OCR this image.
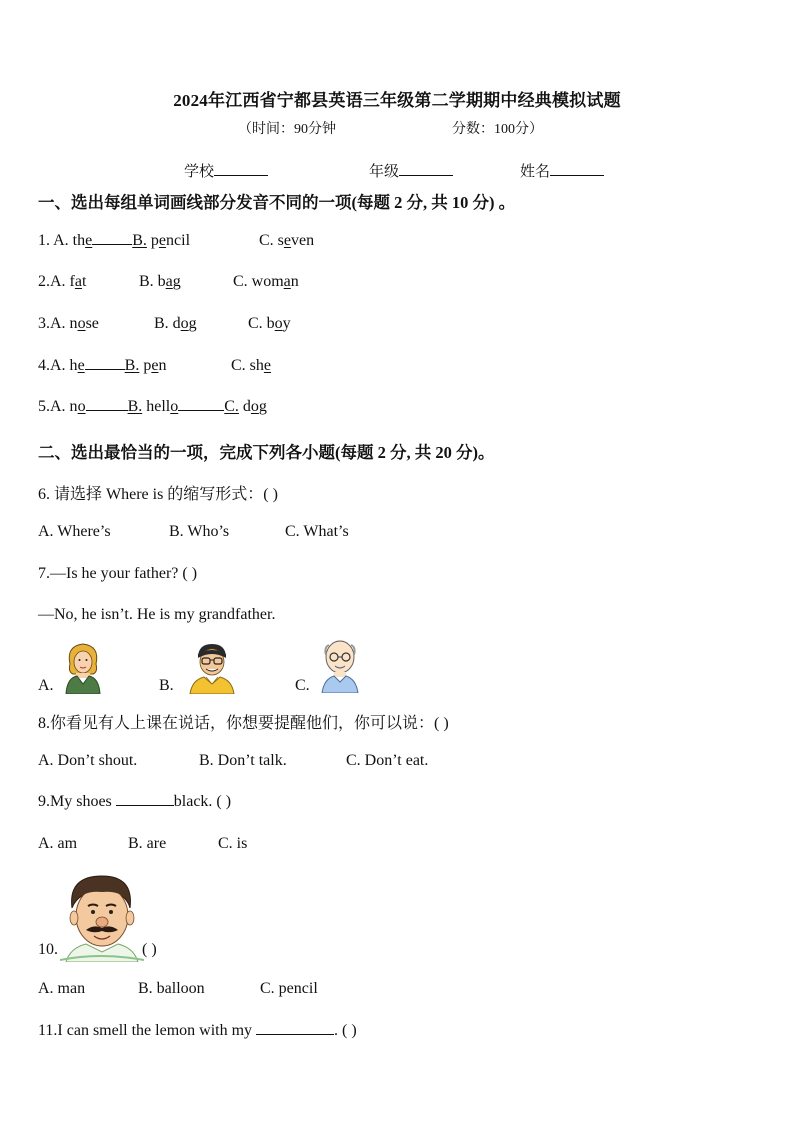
2024年江西省宁都县英语三年级第二学期期中经典模拟试题
（时间：90分钟	分数：100分）
学校	年级	姓名
一、选出每组单词画线部分发音不同的一项(每题 2 分, 共 10 分) 。
1. A. the	B. pencil	C. seven
2.A. fat	B. bag	C. woman
3.A. nose	B. dog	C. boy
4.A. he	B. pen	C. she
5.A. no	B. hello	C. dog
二、选出最恰当的一项，完成下列各小题(每题 2 分, 共 20 分)。
6. 请选择 Where is 的缩写形式：( )
A. Where’s	B. Who’s	C. What’s
7.—Is he your father? ( )
—No, he isn’t. He is my grandfather.
A.	B.	C.
8.你看见有人上课在说话，你想要提醒他们，你可以说：( )
A. Don’t shout.	B. Don’t talk.	C. Don’t eat.
9.My shoes	black. ( )
A. am	B. are	C. is
10.	( )
A. man	B. balloon	C. pencil
11.I can smell the lemon with my	. ( )
